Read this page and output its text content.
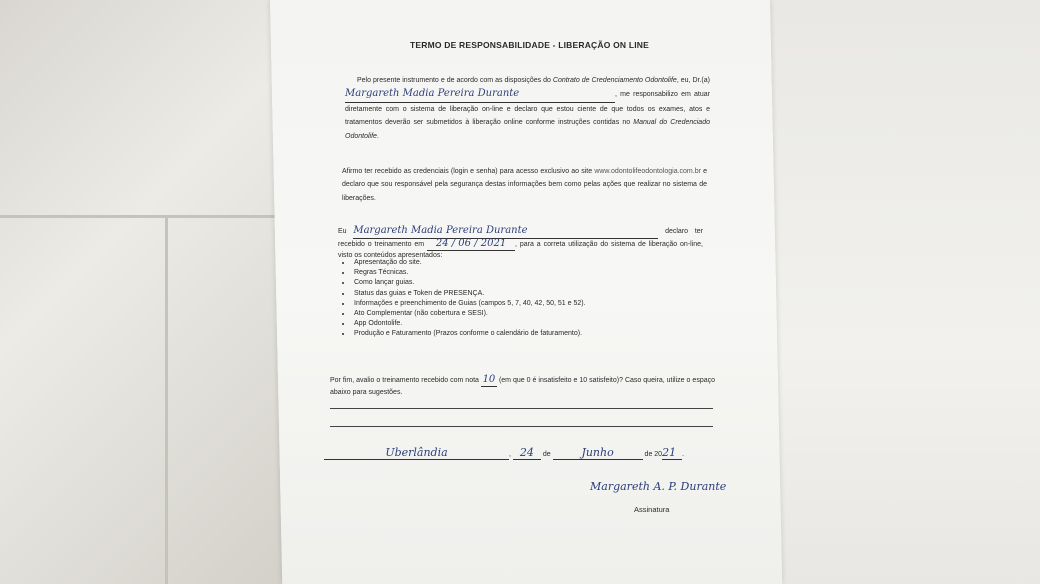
TERMO DE RESPONSABILIDADE - LIBERAÇÃO ON LINE
Pelo presente instrumento e de acordo com as disposições do Contrato de Credenciamento Odontolife, eu, Dr.(a) Margareth Madia Pereira Durante	, me responsabilizo em atuar diretamente com o sistema de liberação on-line e declaro que estou ciente de que todos os exames, atos e tratamentos deverão ser submetidos à liberação online conforme instruções contidas no Manual do Credenciado Odontolife.
Afirmo ter recebido as credenciais (login e senha) para acesso exclusivo ao site www.odontolifeodontologia.com.br e declaro que sou responsável pela segurança destas informações bem como pelas ações que realizar no sistema de liberações.
Eu Margareth Madia Pereira Durante	declaro ter recebido o treinamento em 24 / 06 / 2021 , para a correta utilização do sistema de liberação on-line, visto os conteúdos apresentados:
• Apresentação do site.
• Regras Técnicas.
• Como lançar guias.
• Status das guias e Token de PRESENÇA.
• Informações e preenchimento de Guias (campos 5, 7, 40, 42, 50, 51 e 52).
• Ato Complementar (não cobertura e SESI).
• App Odontolife.
• Produção e Faturamento (Prazos conforme o calendário de faturamento).
Por fim, avalio o treinamento recebido com nota 10 (em que 0 é insatisfeito e 10 satisfeito)? Caso queira, utilize o espaço abaixo para sugestões.
Uberlândia	, 24 de	Junho	de 2021 .
Margareth A. P. Durante
Assinatura
